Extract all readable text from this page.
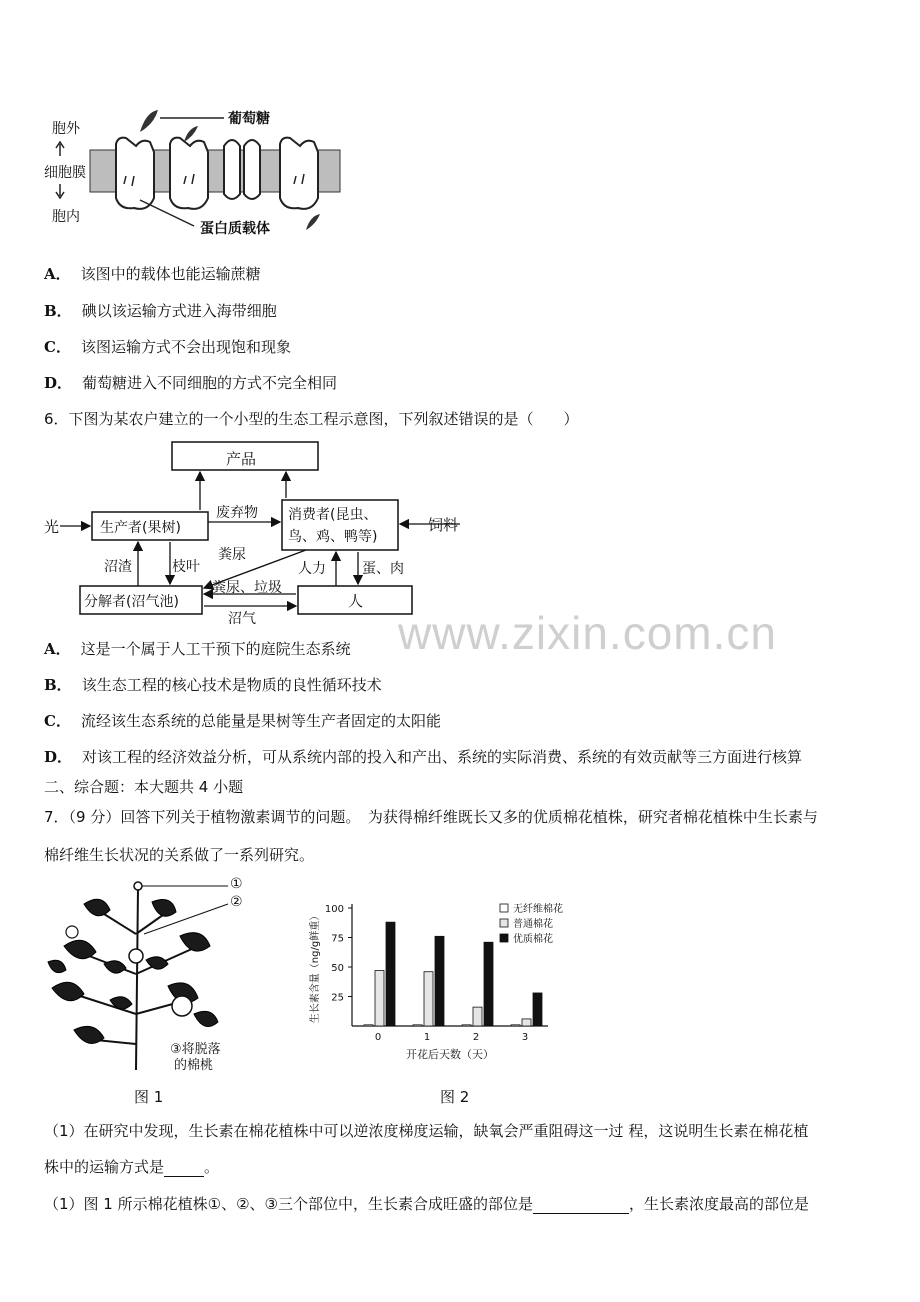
胞外
细胞膜
胞内
葡萄糖
蛋白质载体
A． 该图中的载体也能运输蔗糖
B． 碘以该运输方式进入海带细胞
C． 该图运输方式不会出现饱和现象
D． 葡萄糖进入不同细胞的方式不完全相同
6．下图为某农户建立的一个小型的生态工程示意图，下列叙述错误的是（　　）
产品
生产者(果树)
消费者(昆虫、
鸟、鸡、鸭等)
分解者(沼气池)	人
光	饲料
废弃物
沼渣	枝叶
粪尿
人力	蛋、肉
粪尿、垃圾
沼气	www.zixin.com.cn
A． 这是一个属于人工干预下的庭院生态系统
B． 该生态工程的核心技术是物质的良性循环技术
C． 流经该生态系统的总能量是果树等生产者固定的太阳能
D． 对该工程的经济效益分析，可从系统内部的投入和产出、系统的实际消费、系统的有效贡献等三方面进行核算
二、综合题：本大题共 4 小题
7．（9 分）回答下列关于植物激素调节的问题。　为获得棉纤维既长又多的优质棉花植株，研究者棉花植株中生长素与
棉纤维生长状况的关系做了一系列研究。
①
②
③将脱落
的棉桃
图 1
25
50
75
100
生长素含量（ng/g鲜重）
0	1	2	3
开花后天数（天）
无纤维棉花
普通棉花
优质棉花
图 2
（1）在研究中发现，生长素在棉花植株中可以逆浓度梯度运输，缺氧会严重阻碍这一过 程，这说明生长素在棉花植
株中的运输方式是	。
（1）图 1 所示棉花植株①、②、③三个部位中，生长素合成旺盛的部位是	，生长素浓度最高的部位是
